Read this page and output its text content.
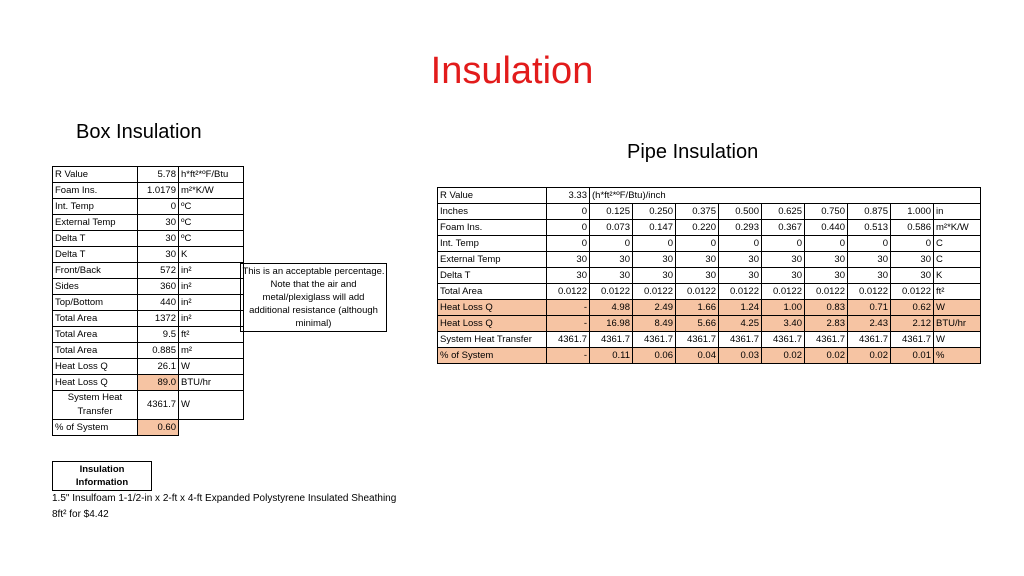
Insulation
Box Insulation
Pipe Insulation
R Value	5.78	h*ft²*ºF/Btu
Foam Ins.	1.0179	m²*K/W
Int. Temp	0	ºC
External Temp	30	ºC
Delta T	30	ºC
Delta T	30	K
Front/Back	572	in²
Sides	360	in²
Top/Bottom	440	in²
Total Area	1372	in²
Total Area	9.5	ft²
Total Area	0.885	m²
Heat Loss Q	26.1	W
Heat Loss Q	89.0	BTU/hr
System Heat Transfer	4361.7	W
% of System	0.60	
This is an acceptable percentage. Note that the air and metal/plexiglass will add additional resistance (although minimal)
R Value	3.33	(h*ft²*ºF/Btu)/inch								
Inches	0	0.125	0.250	0.375	0.500	0.625	0.750	0.875	1.000	in
Foam Ins.	0	0.073	0.147	0.220	0.293	0.367	0.440	0.513	0.586	m²*K/W
Int. Temp	0	0	0	0	0	0	0	0	0	C
External Temp	30	30	30	30	30	30	30	30	30	C
Delta T	30	30	30	30	30	30	30	30	30	K
Total Area	0.0122	0.0122	0.0122	0.0122	0.0122	0.0122	0.0122	0.0122	0.0122	ft²
Heat Loss Q	-	4.98	2.49	1.66	1.24	1.00	0.83	0.71	0.62	W
Heat Loss Q	-	16.98	8.49	5.66	4.25	3.40	2.83	2.43	2.12	BTU/hr
System Heat Transfer	4361.7	4361.7	4361.7	4361.7	4361.7	4361.7	4361.7	4361.7	4361.7	W
% of System	-	0.11	0.06	0.04	0.03	0.02	0.02	0.02	0.01	%
Insulation Information
1.5" Insulfoam 1-1/2-in x 2-ft x 4-ft Expanded Polystyrene Insulated Sheathing
8ft² for $4.42
